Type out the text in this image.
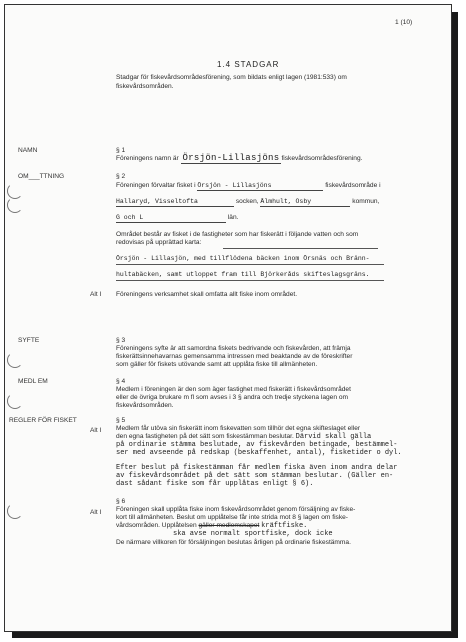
1 (10)
1.4 STADGAR
Stadgar för fiskevårdsområdesförening, som bildats enligt lagen (1981:533) om
fiskevårdsområden.
NAMN
OM___TTNING
Alt I
SYFTE
MEDL EM
REGLER FÖR FISKET
Alt I
Alt I
§ 1
Föreningens namn är Örsjön-Lillasjöns fiskevårdsområdesförening.
§ 2
Föreningen förvaltar fisket i Örsjön - Lillasjöns	fiskevårdsområde i
Hallaryd, Visseltofta	socken, Älmhult, Osby	kommun,
G och L	län.
Området består av fisket i de fastigheter som har fiskerätt i följande vatten och som
redovisas på upprättad karta:
Örsjön - Lillasjön, med tillflödena bäcken inom Örsnäs och Bränn-
hultabäcken, samt utloppet fram till Björkeråds skifteslagsgräns.
Föreningens verksamhet skall omfatta allt fiske inom området.
§ 3
Föreningens syfte är att samordna fiskets bedrivande och fiskevården, att främja
fiskerättsinnehavarnas gemensamma intressen med beaktande av de föreskrifter
som gäller för fiskets utövande samt att upplåta fiske till allmänheten.
§ 4
Medlem i föreningen är den som äger fastighet med fiskerätt i fiskevårdsområdet
eller de övriga brukare m fl som avses i 3 § andra och tredje styckena lagen om
fiskevårdsområden.
§ 5
Medlem får utöva sin fiskerätt inom fiskevatten som tillhör det egna skifteslaget eller
den egna fastigheten på det sätt som fiskestämman beslutar. Därvid skall gälla
på ordinarie stämma beslutade, av fiskevården betingade, bestämmel-
ser med avseende på redskap (beskaffenhet, antal), fisketider o dyl.
Efter beslut på fiskestämman får medlem fiska även inom andra delar
av fiskevårdsområdet på det sätt som stämman beslutar. (Gäller en-
dast sådant fiske som får upplåtas enligt § 6).
§ 6
Föreningen skall upplåta fiske inom fiskevårdsområdet genom försäljning av fiske-
kort till allmänheten. Beslut om upplåtelse får inte strida mot 8 § lagen om fiske-
vårdsområden. Upplåtelsen gäller medlemskapet kräftfiske.
ska avse normalt sportfiske, dock icke
De närmare villkoren för försäljningen beslutas årligen på ordinarie fiskestämma.
